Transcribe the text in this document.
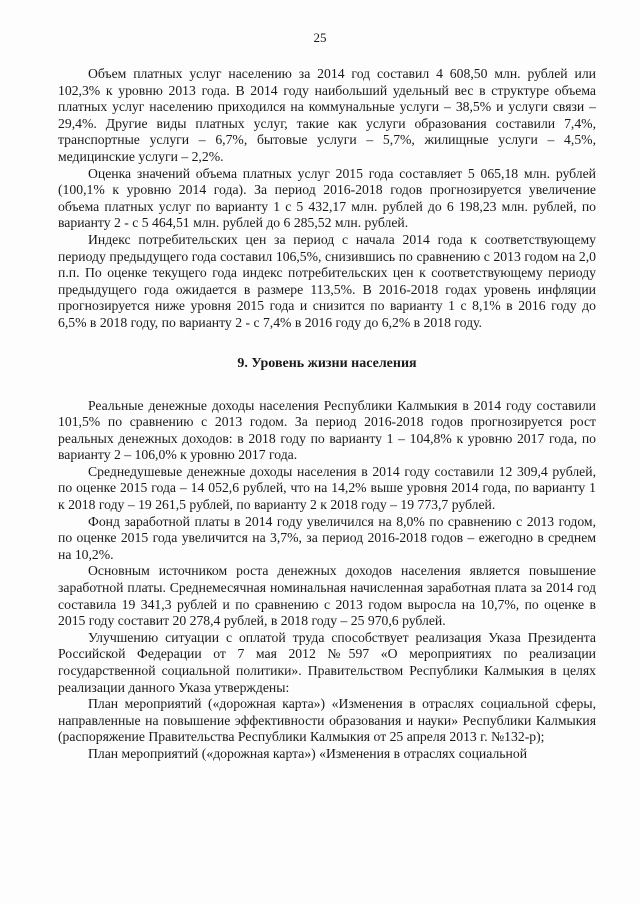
25

Объем платных услуг населению за 2014 год составил 4 608,50 млн. рублей или 102,3% к уровню 2013 года. В 2014 году наибольший удельный вес в структуре объема платных услуг населению приходился на коммунальные услуги – 38,5% и услуги связи – 29,4%. Другие виды платных услуг, такие как услуги образования составили 7,4%, транспортные услуги – 6,7%, бытовые услуги – 5,7%, жилищные услуги – 4,5%, медицинские услуги – 2,2%.

Оценка значений объема платных услуг 2015 года составляет 5 065,18 млн. рублей (100,1% к уровню 2014 года). За период 2016-2018 годов прогнозируется увеличение объема платных услуг по варианту 1 с 5 432,17 млн. рублей до 6 198,23 млн. рублей, по варианту 2 - с 5 464,51 млн. рублей до 6 285,52 млн. рублей.

Индекс потребительских цен за период с начала 2014 года к соответствующему периоду предыдущего года составил 106,5%, снизившись по сравнению с 2013 годом на 2,0 п.п. По оценке текущего года индекс потребительских цен к соответствующему периоду предыдущего года ожидается в размере 113,5%. В 2016-2018 годах уровень инфляции прогнозируется ниже уровня 2015 года и снизится по варианту 1 с 8,1% в 2016 году до 6,5% в 2018 году, по варианту 2 - с 7,4% в 2016 году до 6,2% в 2018 году.

9. Уровень жизни населения

Реальные денежные доходы населения Республики Калмыкия в 2014 году составили 101,5% по сравнению с 2013 годом. За период 2016-2018 годов прогнозируется рост реальных денежных доходов: в 2018 году по варианту 1 – 104,8% к уровню 2017 года, по варианту 2 – 106,0% к уровню 2017 года.

Среднедушевые денежные доходы населения в 2014 году составили 12 309,4 рублей, по оценке 2015 года – 14 052,6 рублей, что на 14,2% выше уровня 2014 года, по варианту 1 к 2018 году – 19 261,5 рублей, по варианту 2 к 2018 году – 19 773,7 рублей.

Фонд заработной платы в 2014 году увеличился на 8,0% по сравнению с 2013 годом, по оценке 2015 года увеличится на 3,7%, за период 2016-2018 годов – ежегодно в среднем на 10,2%.

Основным источником роста денежных доходов населения является повышение заработной платы. Среднемесячная номинальная начисленная заработная плата за 2014 год составила 19 341,3 рублей и по сравнению с 2013 годом выросла на 10,7%, по оценке в 2015 году составит 20 278,4 рублей, в 2018 году – 25 970,6 рублей.

Улучшению ситуации с оплатой труда способствует реализация Указа Президента Российской Федерации от 7 мая 2012 №597 «О мероприятиях по реализации государственной социальной политики». Правительством Республики Калмыкия в целях реализации данного Указа утверждены:

План мероприятий («дорожная карта») «Изменения в отраслях социальной сферы, направленные на повышение эффективности образования и науки» Республики Калмыкия (распоряжение Правительства Республики Калмыкия от 25 апреля 2013 г. №132-р);

План мероприятий («дорожная карта») «Изменения в отраслях социальной
